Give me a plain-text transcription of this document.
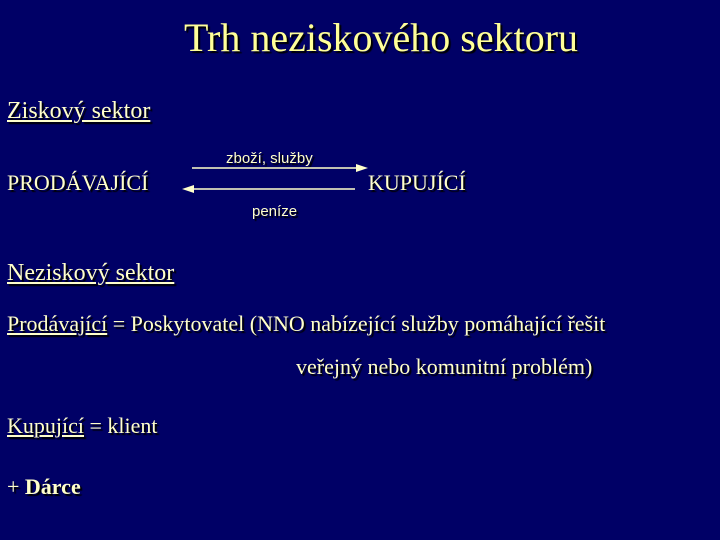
Trh neziskového sektoru
Ziskový sektor
PRODÁVAJÍCÍ
zboží, služby
KUPUJÍCÍ
peníze
Neziskový sektor
Prodávající = Poskytovatel (NNO nabízející služby pomáhající řešit
veřejný nebo komunitní problém)
Kupující = klient
+ Dárce
